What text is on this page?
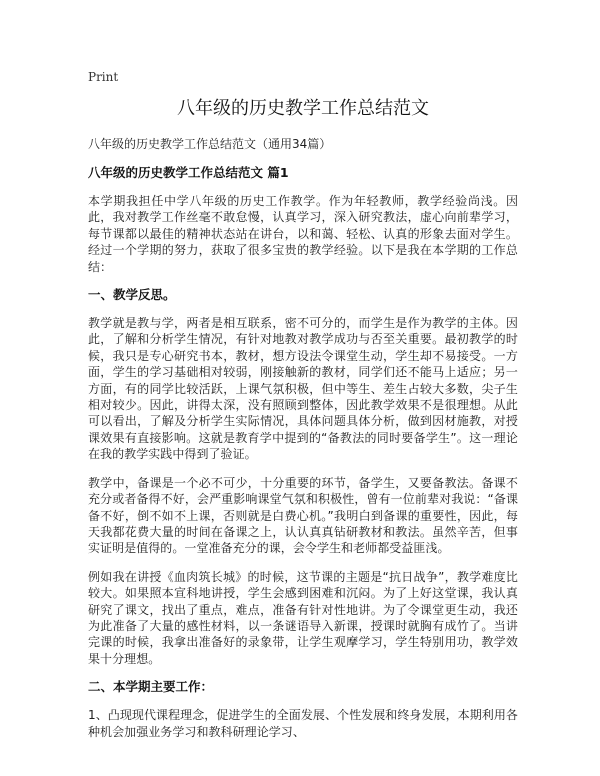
Print
八年级的历史教学工作总结范文

八年级的历史教学工作总结范文（通用34篇）

八年级的历史教学工作总结范文 篇1

本学期我担任中学八年级的历史工作教学。作为年轻教师，教学经验尚浅。因此，我对教学工作丝毫不敢怠慢，认真学习，深入研究教法，虚心向前辈学习，每节课都以最佳的精神状态站在讲台，以和蔼、轻松、认真的形象去面对学生。经过一个学期的努力，获取了很多宝贵的教学经验。以下是我在本学期的工作总结：

一、教学反思。

教学就是教与学，两者是相互联系，密不可分的，而学生是作为教学的主体。因此，了解和分析学生情况，有针对地教对教学成功与否至关重要。最初教学的时候，我只是专心研究书本，教材，想方设法令课堂生动，学生却不易接受。一方面，学生的学习基础相对较弱，刚接触新的教材，同学们还不能马上适应；另一方面，有的同学比较活跃，上课气氛积极，但中等生、差生占较大多数，尖子生相对较少。因此，讲得太深，没有照顾到整体，因此教学效果不是很理想。从此可以看出，了解及分析学生实际情况，具体问题具体分析，做到因材施教，对授课效果有直接影响。这就是教育学中提到的“备教法的同时要备学生”。这一理论在我的教学实践中得到了验证。

教学中，备课是一个必不可少，十分重要的环节，备学生，又要备教法。备课不充分或者备得不好，会严重影响课堂气氛和积极性，曾有一位前辈对我说：“备课备不好，倒不如不上课，否则就是白费心机。”我明白到备课的重要性，因此，每天我都花费大量的时间在备课之上，认认真真钻研教材和教法。虽然辛苦，但事实证明是值得的。一堂准备充分的课，会令学生和老师都受益匪浅。

例如我在讲授《血肉筑长城》的时候，这节课的主题是“抗日战争”，教学难度比较大。如果照本宣科地讲授，学生会感到困难和沉闷。为了上好这堂课，我认真研究了课文，找出了重点，难点，准备有针对性地讲。为了令课堂更生动，我还为此准备了大量的感性材料，以一条谜语导入新课，授课时就胸有成竹了。当讲完课的时候，我拿出准备好的录象带，让学生观摩学习，学生特别用功，教学效果十分理想。

二、本学期主要工作：

1、凸现现代课程理念，促进学生的全面发展、个性发展和终身发展，本期利用各种机会加强业务学习和教科研理论学习、
